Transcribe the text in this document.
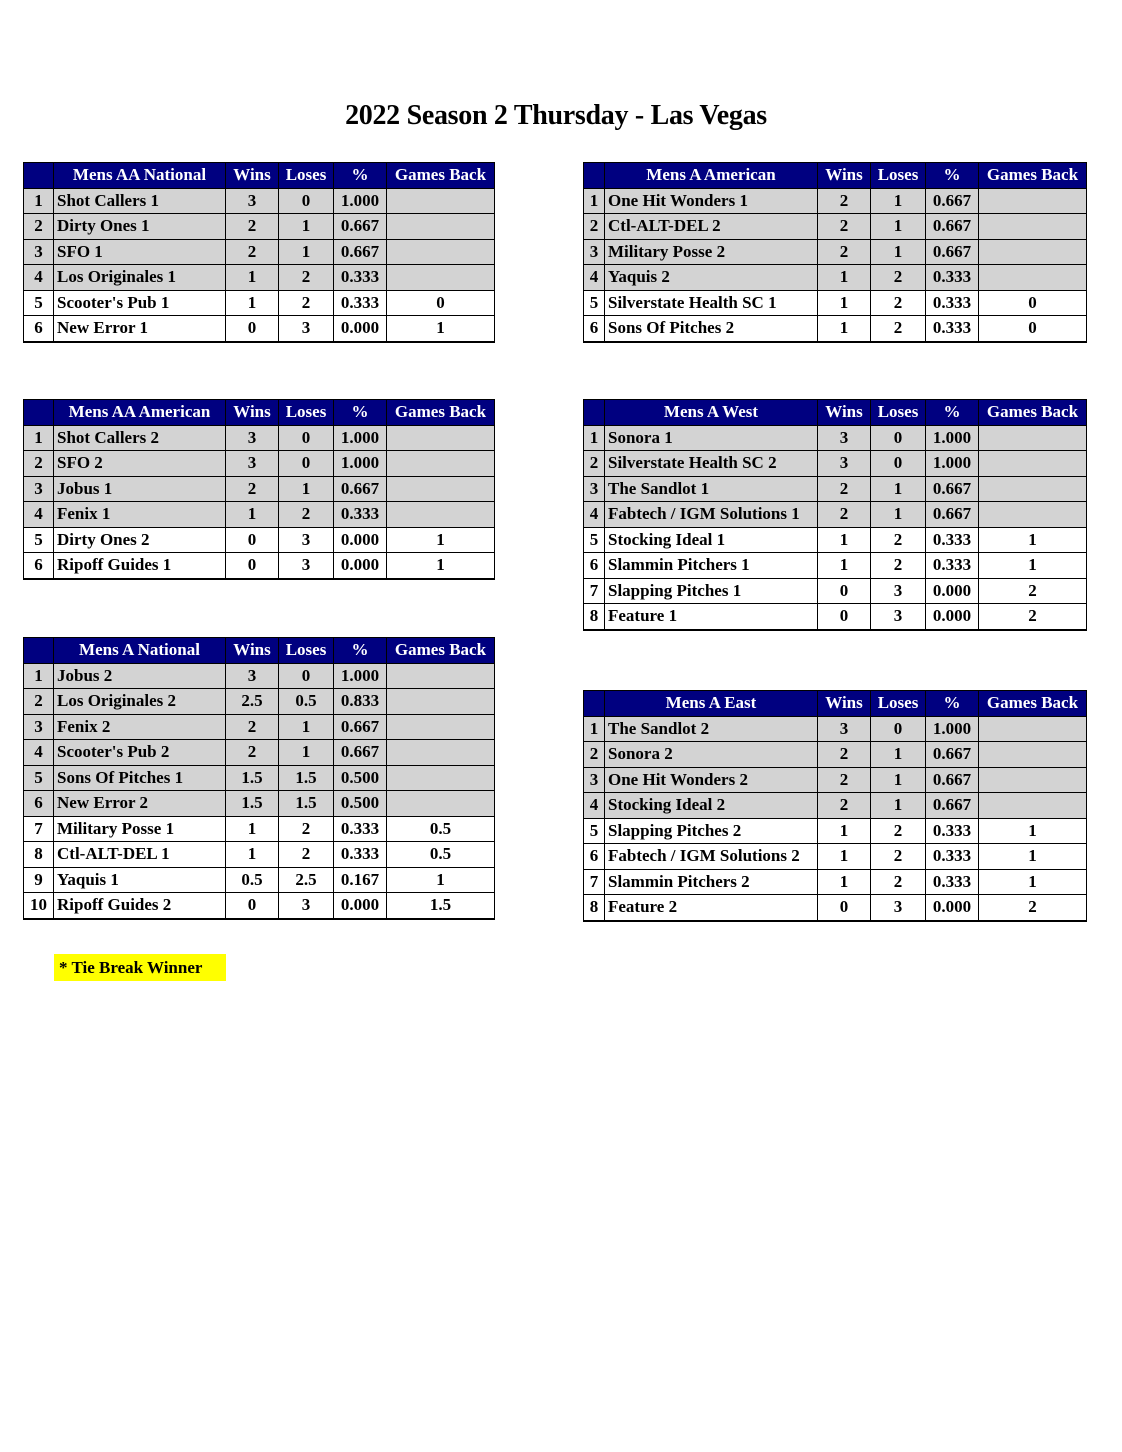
2022 Season 2 Thursday - Las Vegas
	Mens AA National	Wins	Loses	%	Games Back
1	Shot Callers 1	3	0	1.000	
2	Dirty Ones 1	2	1	0.667	
3	SFO 1	2	1	0.667	
4	Los Originales 1	1	2	0.333	
5	Scooter's Pub 1	1	2	0.333	0
6	New Error 1	0	3	0.000	1
	Mens AA American	Wins	Loses	%	Games Back
1	Shot Callers 2	3	0	1.000	
2	SFO 2	3	0	1.000	
3	Jobus 1	2	1	0.667	
4	Fenix 1	1	2	0.333	
5	Dirty Ones 2	0	3	0.000	1
6	Ripoff Guides 1	0	3	0.000	1
	Mens A National	Wins	Loses	%	Games Back
1	Jobus 2	3	0	1.000	
2	Los Originales 2	2.5	0.5	0.833	
3	Fenix 2	2	1	0.667	
4	Scooter's Pub 2	2	1	0.667	
5	Sons Of Pitches 1	1.5	1.5	0.500	
6	New Error 2	1.5	1.5	0.500	
7	Military Posse 1	1	2	0.333	0.5
8	Ctl-ALT-DEL 1	1	2	0.333	0.5
9	Yaquis 1	0.5	2.5	0.167	1
10	Ripoff Guides 2	0	3	0.000	1.5
	Mens A American	Wins	Loses	%	Games Back
1	One Hit Wonders 1	2	1	0.667	
2	Ctl-ALT-DEL 2	2	1	0.667	
3	Military Posse 2	2	1	0.667	
4	Yaquis 2	1	2	0.333	
5	Silverstate Health SC 1	1	2	0.333	0
6	Sons Of Pitches 2	1	2	0.333	0
	Mens A West	Wins	Loses	%	Games Back
1	Sonora 1	3	0	1.000	
2	Silverstate Health SC 2	3	0	1.000	
3	The Sandlot 1	2	1	0.667	
4	Fabtech / IGM Solutions 1	2	1	0.667	
5	Stocking Ideal 1	1	2	0.333	1
6	Slammin Pitchers 1	1	2	0.333	1
7	Slapping Pitches 1	0	3	0.000	2
8	Feature 1	0	3	0.000	2
	Mens A East	Wins	Loses	%	Games Back
1	The Sandlot 2	3	0	1.000	
2	Sonora 2	2	1	0.667	
3	One Hit Wonders 2	2	1	0.667	
4	Stocking Ideal 2	2	1	0.667	
5	Slapping Pitches 2	1	2	0.333	1
6	Fabtech / IGM Solutions 2	1	2	0.333	1
7	Slammin Pitchers 2	1	2	0.333	1
8	Feature 2	0	3	0.000	2
* Tie Break Winner
